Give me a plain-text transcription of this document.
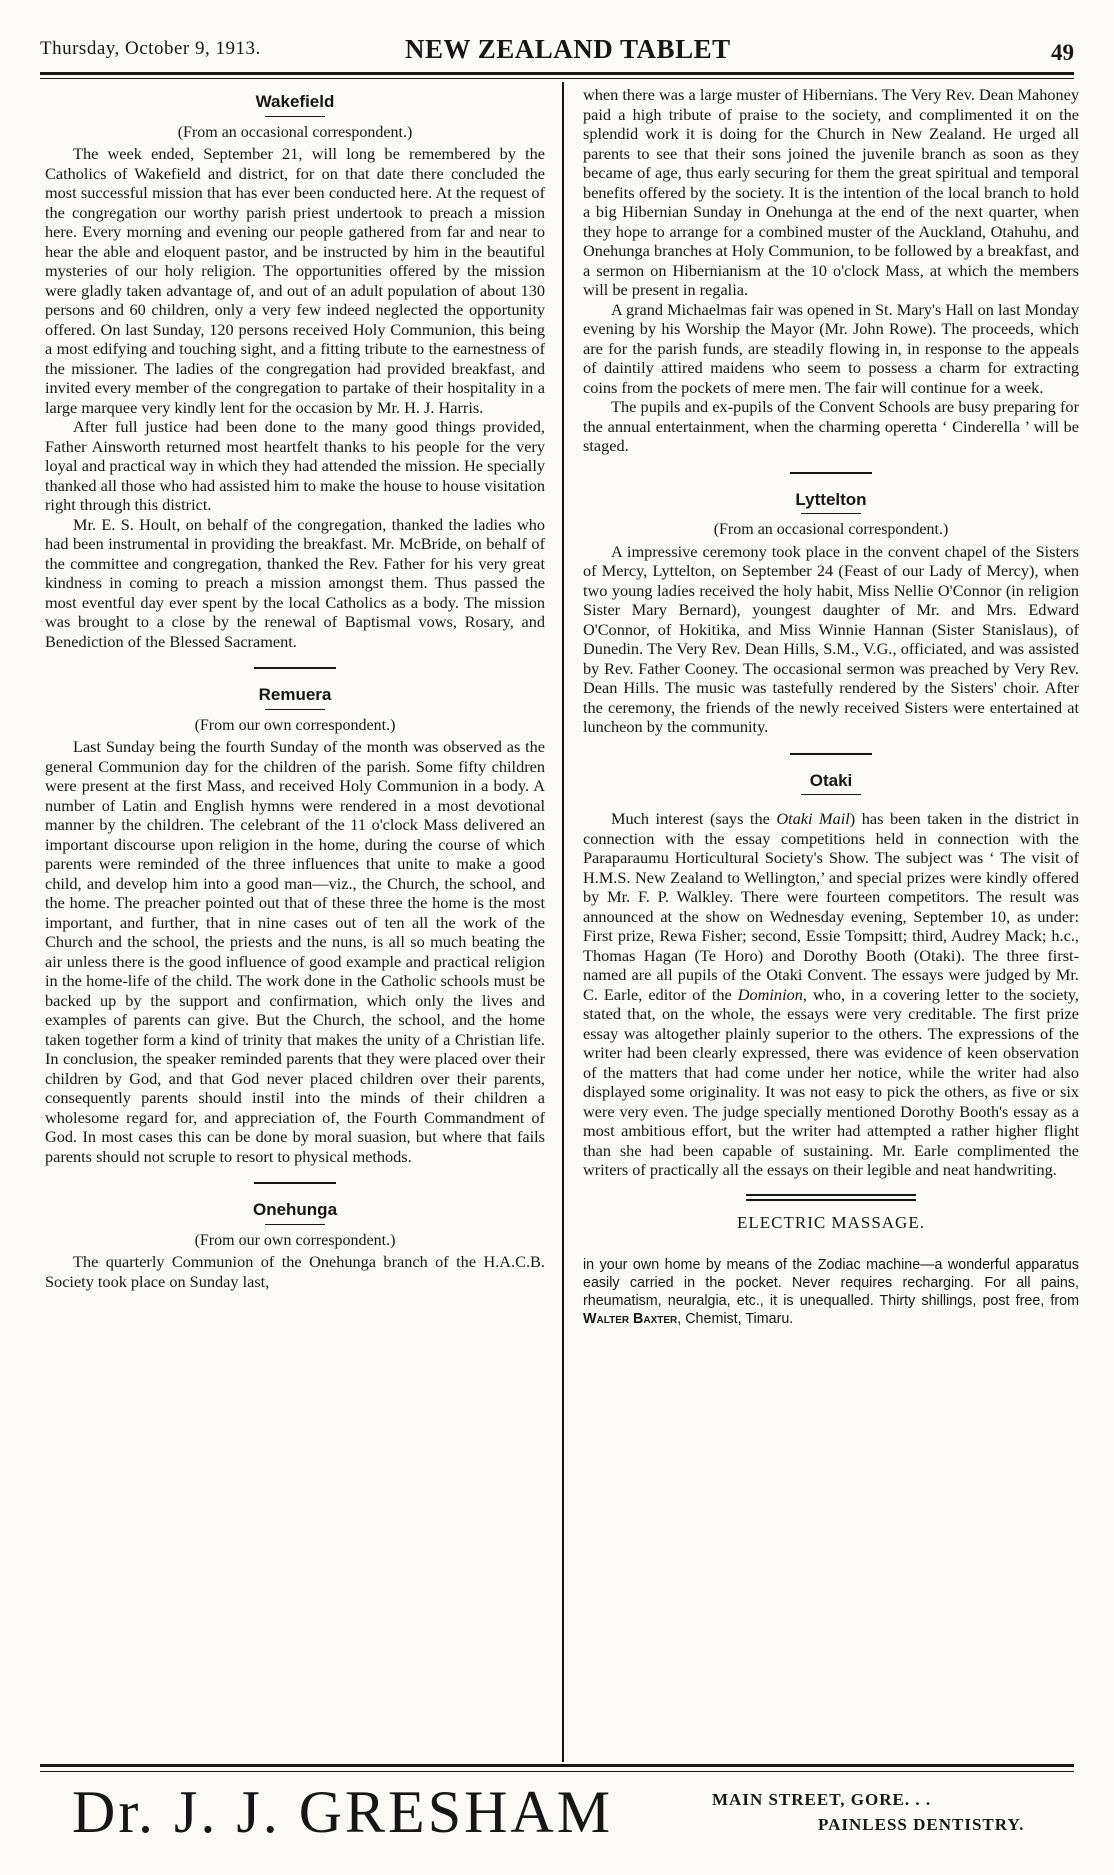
Thursday, October 9, 1913.	NEW ZEALAND TABLET	49
Wakefield
(From an occasional correspondent.)

The week ended, September 21, will long be remembered by the Catholics of Wakefield and district, for on that date there concluded the most successful mission that has ever been conducted here. At the request of the congregation our worthy parish priest undertook to preach a mission here. Every morning and evening our people gathered from far and near to hear the able and eloquent pastor, and be instructed by him in the beautiful mysteries of our holy religion. The opportunities offered by the mission were gladly taken advantage of, and out of an adult population of about 130 persons and 60 children, only a very few indeed neglected the opportunity offered. On last Sunday, 120 persons received Holy Communion, this being a most edifying and touching sight, and a fitting tribute to the earnestness of the missioner. The ladies of the congregation had provided breakfast, and invited every member of the congregation to partake of their hospitality in a large marquee very kindly lent for the occasion by Mr. H. J. Harris.

After full justice had been done to the many good things provided, Father Ainsworth returned most heartfelt thanks to his people for the very loyal and practical way in which they had attended the mission. He specially thanked all those who had assisted him to make the house to house visitation right through this district.

Mr. E. S. Hoult, on behalf of the congregation, thanked the ladies who had been instrumental in providing the breakfast. Mr. McBride, on behalf of the committee and congregation, thanked the Rev. Father for his very great kindness in coming to preach a mission amongst them. Thus passed the most eventful day ever spent by the local Catholics as a body. The mission was brought to a close by the renewal of Baptismal vows, Rosary, and Benediction of the Blessed Sacrament.

Remuera
(From our own correspondent.)

Last Sunday being the fourth Sunday of the month was observed as the general Communion day for the children of the parish. Some fifty children were present at the first Mass, and received Holy Communion in a body. A number of Latin and English hymns were rendered in a most devotional manner by the children. The celebrant of the 11 o'clock Mass delivered an important discourse upon religion in the home, during the course of which parents were reminded of the three influences that unite to make a good child, and develop him into a good man—viz., the Church, the school, and the home. The preacher pointed out that of these three the home is the most important, and further, that in nine cases out of ten all the work of the Church and the school, the priests and the nuns, is all so much beating the air unless there is the good influence of good example and practical religion in the home-life of the child. The work done in the Catholic schools must be backed up by the support and confirmation, which only the lives and examples of parents can give. But the Church, the school, and the home taken together form a kind of trinity that makes the unity of a Christian life. In conclusion, the speaker reminded parents that they were placed over their children by God, and that God never placed children over their parents, consequently parents should instil into the minds of their children a wholesome regard for, and appreciation of, the Fourth Commandment of God. In most cases this can be done by moral suasion, but where that fails parents should not scruple to resort to physical methods.

Onehunga
(From our own correspondent.)

The quarterly Communion of the Onehunga branch of the H.A.C.B. Society took place on Sunday last,

when there was a large muster of Hibernians. The Very Rev. Dean Mahoney paid a high tribute of praise to the society, and complimented it on the splendid work it is doing for the Church in New Zealand. He urged all parents to see that their sons joined the juvenile branch as soon as they became of age, thus early securing for them the great spiritual and temporal benefits offered by the society. It is the intention of the local branch to hold a big Hibernian Sunday in Onehunga at the end of the next quarter, when they hope to arrange for a combined muster of the Auckland, Otahuhu, and Onehunga branches at Holy Communion, to be followed by a breakfast, and a sermon on Hibernianism at the 10 o'clock Mass, at which the members will be present in regalia.

A grand Michaelmas fair was opened in St. Mary's Hall on last Monday evening by his Worship the Mayor (Mr. John Rowe). The proceeds, which are for the parish funds, are steadily flowing in, in response to the appeals of daintily attired maidens who seem to possess a charm for extracting coins from the pockets of mere men. The fair will continue for a week.

The pupils and ex-pupils of the Convent Schools are busy preparing for the annual entertainment, when the charming operetta ‘ Cinderella ’ will be staged.

Lyttelton
(From an occasional correspondent.)

A impressive ceremony took place in the convent chapel of the Sisters of Mercy, Lyttelton, on September 24 (Feast of our Lady of Mercy), when two young ladies received the holy habit, Miss Nellie O'Connor (in religion Sister Mary Bernard), youngest daughter of Mr. and Mrs. Edward O'Connor, of Hokitika, and Miss Winnie Hannan (Sister Stanislaus), of Dunedin. The Very Rev. Dean Hills, S.M., V.G., officiated, and was assisted by Rev. Father Cooney. The occasional sermon was preached by Very Rev. Dean Hills. The music was tastefully rendered by the Sisters' choir. After the ceremony, the friends of the newly received Sisters were entertained at luncheon by the community.

Otaki

Much interest (says the Otaki Mail) has been taken in the district in connection with the essay competitions held in connection with the Paraparaumu Horticultural Society's Show. The subject was ‘ The visit of H.M.S. New Zealand to Wellington,’ and special prizes were kindly offered by Mr. F. P. Walkley. There were fourteen competitors. The result was announced at the show on Wednesday evening, September 10, as under: First prize, Rewa Fisher; second, Essie Tompsitt; third, Audrey Mack; h.c., Thomas Hagan (Te Horo) and Dorothy Booth (Otaki). The three first-named are all pupils of the Otaki Convent. The essays were judged by Mr. C. Earle, editor of the Dominion, who, in a covering letter to the society, stated that, on the whole, the essays were very creditable. The first prize essay was altogether plainly superior to the others. The expressions of the writer had been clearly expressed, there was evidence of keen observation of the matters that had come under her notice, while the writer had also displayed some originality. It was not easy to pick the others, as five or six were very even. The judge specially mentioned Dorothy Booth's essay as a most ambitious effort, but the writer had attempted a rather higher flight than she had been capable of sustaining. Mr. Earle complimented the writers of practically all the essays on their legible and neat handwriting.

ELECTRIC MASSAGE.
in your own home by means of the Zodiac machine—a wonderful apparatus easily carried in the pocket. Never requires recharging. For all pains, rheumatism, neuralgia, etc., it is unequalled. Thirty shillings, post free, from Walter Baxter, Chemist, Timaru.
Dr. J. J. GRESHAM	MAIN STREET, GORE. . .
PAINLESS DENTISTRY.
